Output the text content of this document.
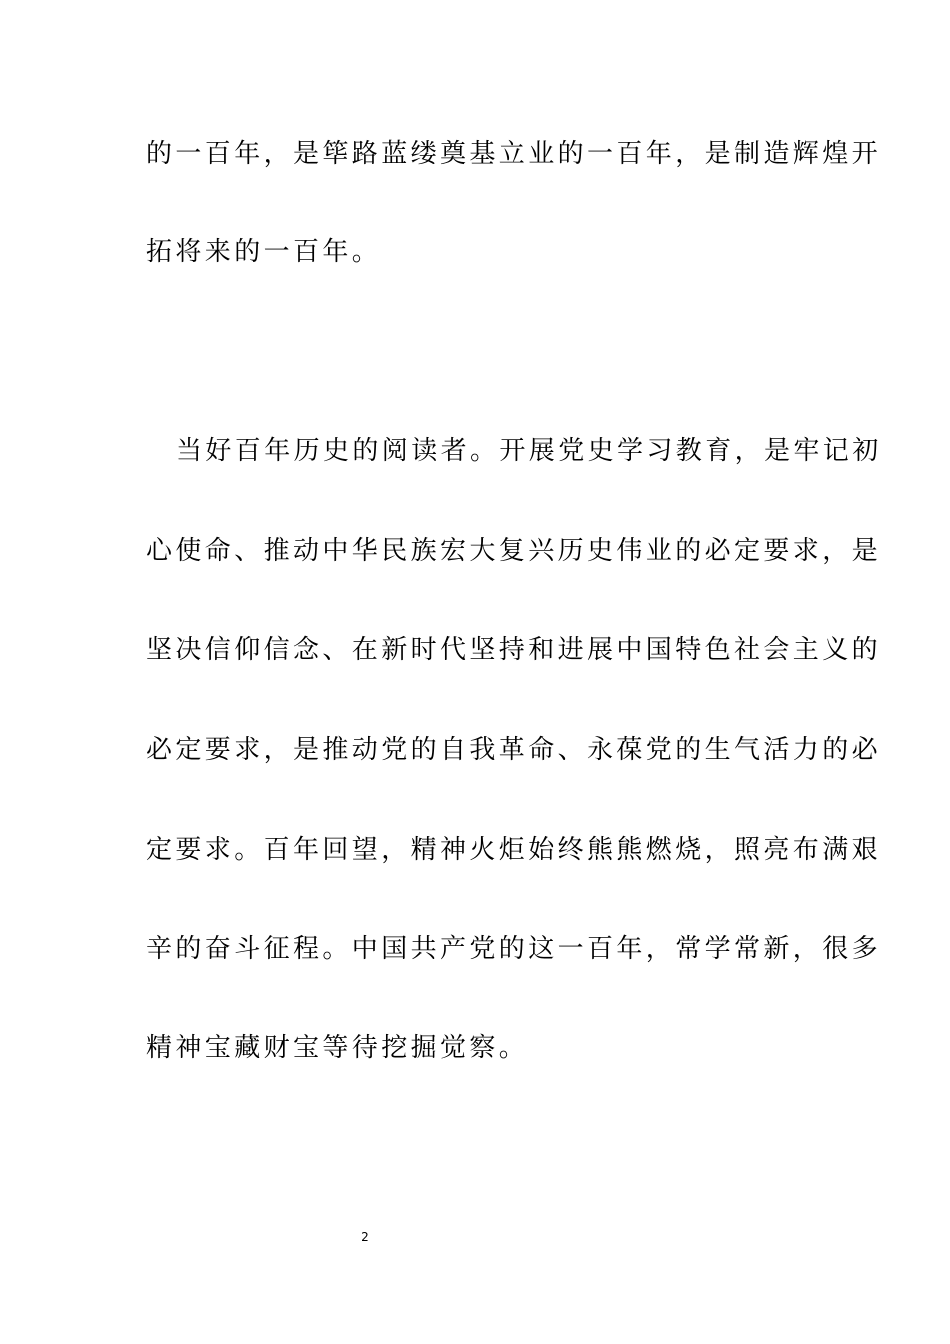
的一百年，是筚路蓝缕奠基立业的一百年，是制造辉煌开
拓将来的一百年。
当好百年历史的阅读者。开展党史学习教育，是牢记初
心使命、推动中华民族宏大复兴历史伟业的必定要求，是
坚决信仰信念、在新时代坚持和进展中国特色社会主义的
必定要求，是推动党的自我革命、永葆党的生气活力的必
定要求。百年回望，精神火炬始终熊熊燃烧，照亮布满艰
辛的奋斗征程。中国共产党的这一百年，常学常新，很多
精神宝藏财宝等待挖掘觉察。
2
